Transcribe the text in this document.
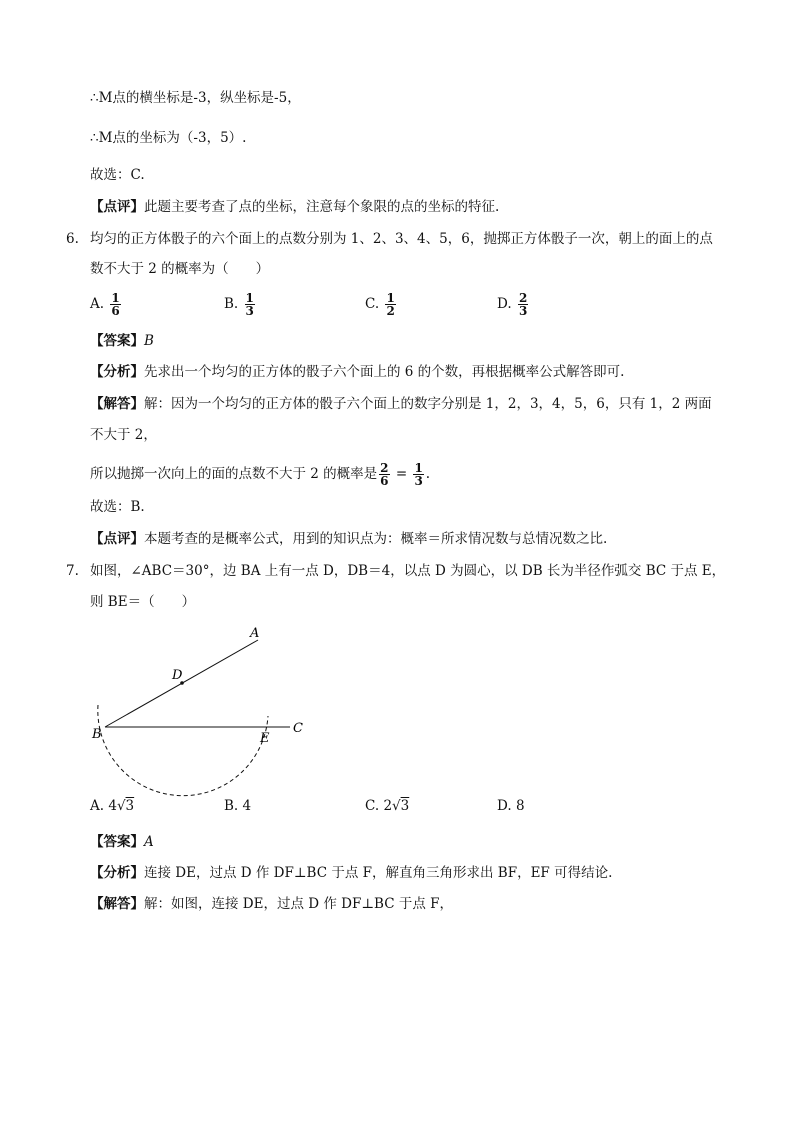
∴M点的横坐标是-3，纵坐标是-5，
∴M点的坐标为（-3，5）.
故选：C.
【点评】此题主要考查了点的坐标，注意每个象限的点的坐标的特征.
6. 均匀的正方体骰子的六个面上的点数分别为 1、2、3、4、5，6，抛掷正方体骰子一次，朝上的面上的点
数不大于 2 的概率为（　　）
A. $\frac{1}{6}$	B. $\frac{1}{3}$	C. $\frac{1}{2}$	D. $\frac{2}{3}$
【答案】B
【分析】先求出一个均匀的正方体的骰子六个面上的 6 的个数，再根据概率公式解答即可.
【解答】解：因为一个均匀的正方体的骰子六个面上的数字分别是 1，2，3，4，5，6，只有 1，2 两面
不大于 2，
所以抛掷一次向上的面的点数不大于 2 的概率是 $\frac{2}{6} = \frac{1}{3}$ .
故选：B.
【点评】本题考查的是概率公式，用到的知识点为：概率＝所求情况数与总情况数之比.
7. 如图，∠ABC＝30°，边 BA 上有一点 D，DB＝4，以点 D 为圆心，以 DB 长为半径作弧交 BC 于点 E，
则 BE＝（　　）
A
D
B	E
C
A. 4√3	B. 4	C. 2√3	D. 8
【答案】A
【分析】连接 DE，过点 D 作 DF⊥BC 于点 F，解直角三角形求出 BF，EF 可得结论.
【解答】解：如图，连接 DE，过点 D 作 DF⊥BC 于点 F，
